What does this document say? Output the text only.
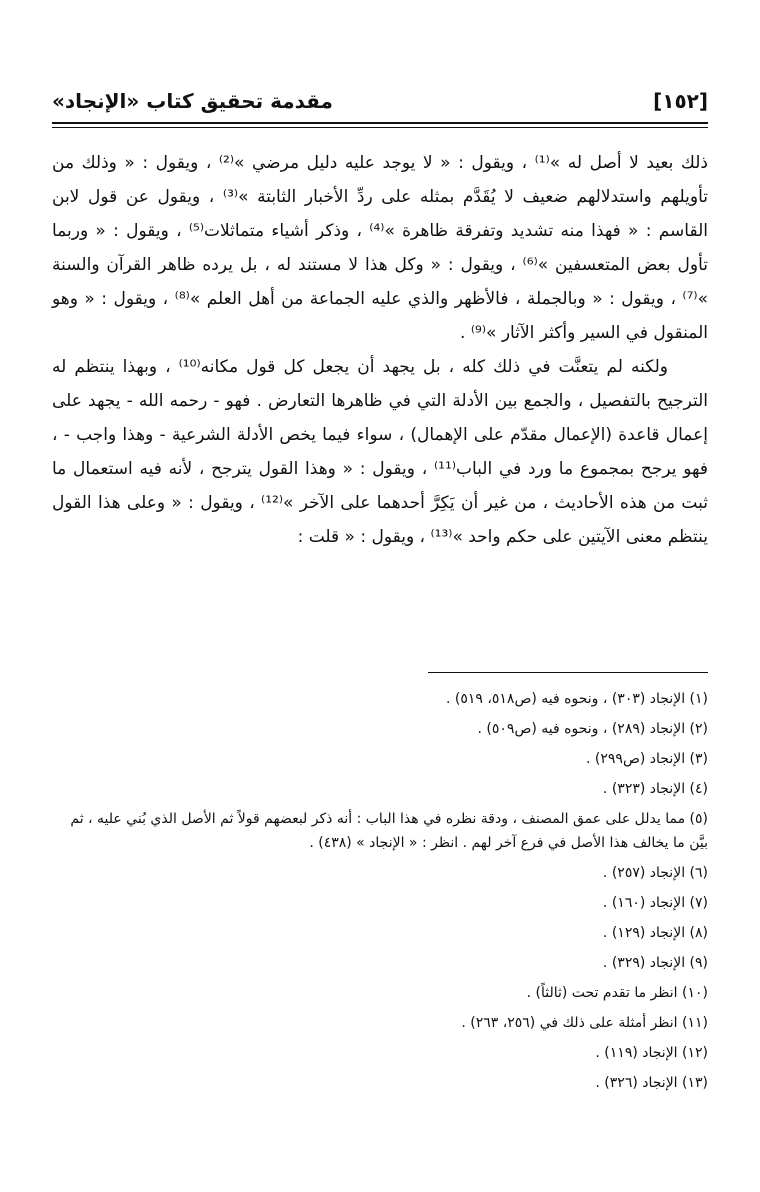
[١٥٢]
مقدمة تحقيق كتاب «الإنجاد»

ذلك بعيد لا أصل له »⁽¹⁾ ، ويقول : « لا يوجد عليه دليل مرضي »⁽²⁾ ، ويقول : « وذلك من تأويلهم واستدلالهم ضعيف لا يُقَدَّم بمثله على ردِّ الأخبار الثابتة »⁽³⁾ ، ويقول عن قول لابن القاسم : « فهذا منه تشديد وتفرقة ظاهرة »⁽⁴⁾ ، وذكر أشياء متماثلات⁽⁵⁾ ، ويقول : « وربما تأول بعض المتعسفين »⁽⁶⁾ ، ويقول : « وكل هذا لا مستند له ، بل يرده ظاهر القرآن والسنة »⁽⁷⁾ ، ويقول : « وبالجملة ، فالأظهر والذي عليه الجماعة من أهل العلم »⁽⁸⁾ ، ويقول : « وهو المنقول في السير وأكثر الآثار »⁽⁹⁾ .

ولكنه لم يتعنَّت في ذلك كله ، بل يجهد أن يجعل كل قول مكانه⁽¹⁰⁾ ، وبهذا ينتظم له الترجيح بالتفصيل ، والجمع بين الأدلة التي في ظاهرها التعارض . فهو - رحمه الله - يجهد على إعمال قاعدة (الإعمال مقدّم على الإهمال) ، سواء فيما يخص الأدلة الشرعية - وهذا واجب - ، فهو يرجح بمجموع ما ورد في الباب⁽¹¹⁾ ، ويقول : « وهذا القول يترجح ، لأنه فيه استعمال ما ثبت من هذه الأحاديث ، من غير أن يَكِرَّ أحدهما على الآخر »⁽¹²⁾ ، ويقول : « وعلى هذا القول ينتظم معنى الآيتين على حكم واحد »⁽¹³⁾ ، ويقول : « قلت :

(١) الإنجاد (٣٠٣) ، ونحوه فيه (ص٥١٨، ٥١٩) .
(٢) الإنجاد (٢٨٩) ، ونحوه فيه (ص٥٠٩) .
(٣) الإنجاد (ص٢٩٩) .
(٤) الإنجاد (٣٢٣) .
(٥) مما يدلل على عمق المصنف ، ودقة نظره في هذا الباب : أنه ذكر لبعضهم قولاً ثم الأصل الذي بُني عليه ، ثم بيَّن ما يخالف هذا الأصل في فرع آخر لهم . انظر : « الإنجاد » (٤٣٨) .
(٦) الإنجاد (٢٥٧) .
(٧) الإنجاد (١٦٠) .
(٨) الإنجاد (١٢٩) .
(٩) الإنجاد (٣٢٩) .
(١٠) انظر ما تقدم تحت (ثالثاً) .
(١١) انظر أمثلة على ذلك في (٢٥٦، ٢٦٣) .
(١٢) الإنجاد (١١٩) .
(١٣) الإنجاد (٣٢٦) .
